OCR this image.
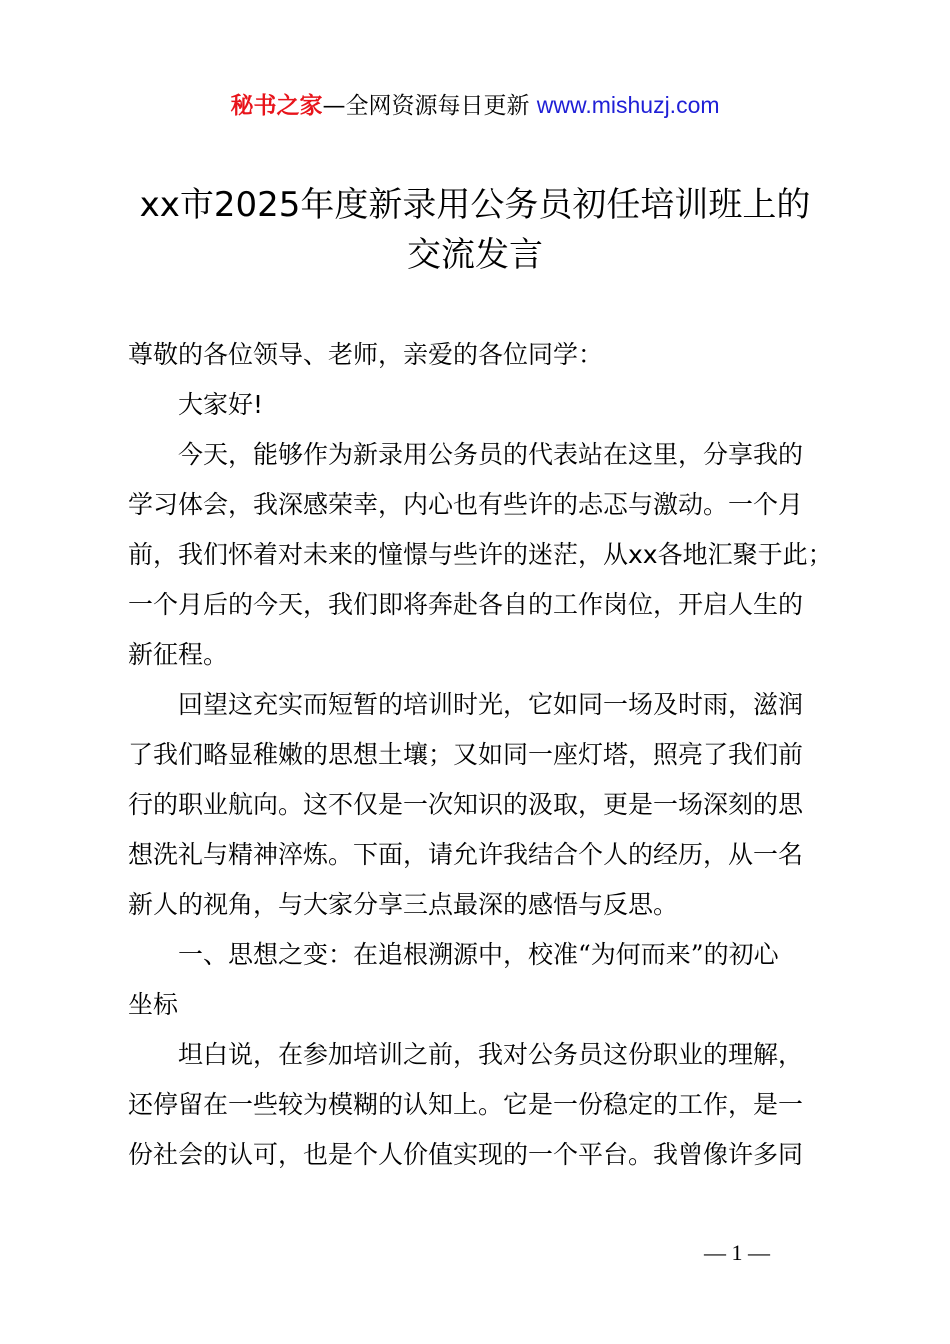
秘书之家—全网资源每日更新 www.mishuzj.com
xx市2025年度新录用公务员初任培训班上的
交流发言

尊敬的各位领导、老师，亲爱的各位同学：

大家好!

今天，能够作为新录用公务员的代表站在这里，分享我的
学习体会，我深感荣幸，内心也有些许的忐忑与激动。一个月
前，我们怀着对未来的憧憬与些许的迷茫，从xx各地汇聚于此；
一个月后的今天，我们即将奔赴各自的工作岗位，开启人生的
新征程。

回望这充实而短暂的培训时光，它如同一场及时雨，滋润
了我们略显稚嫩的思想土壤；又如同一座灯塔，照亮了我们前
行的职业航向。这不仅是一次知识的汲取，更是一场深刻的思
想洗礼与精神淬炼。下面，请允许我结合个人的经历，从一名
新人的视角，与大家分享三点最深的感悟与反思。

一、思想之变：在追根溯源中，校准“为何而来”的初心
坐标

坦白说，在参加培训之前，我对公务员这份职业的理解，
还停留在一些较为模糊的认知上。它是一份稳定的工作，是一
份社会的认可，也是个人价值实现的一个平台。我曾像许多同

— 1 —
